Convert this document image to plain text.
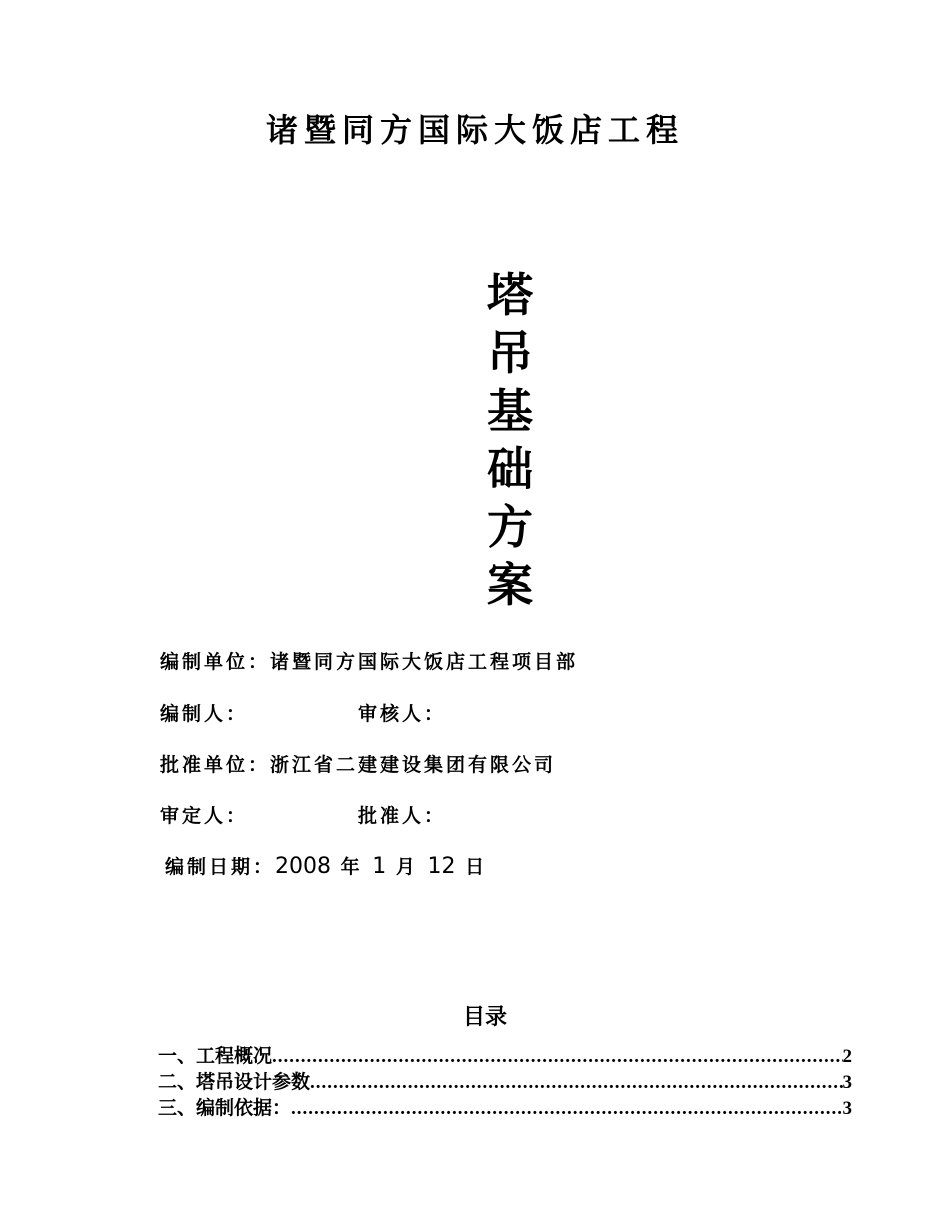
诸暨同方国际大饭店工程
塔
吊
基
础
方
案
编制单位：诸暨同方国际大饭店工程项目部
编制人：	审核人：
批准单位：浙江省二建建设集团有限公司
审定人：	批准人：
编制日期：2008 年 1 月 12 日
目录
一、工程概况 .....	2
二、塔吊设计参数 .....	3
三、编制依据： .....	3
